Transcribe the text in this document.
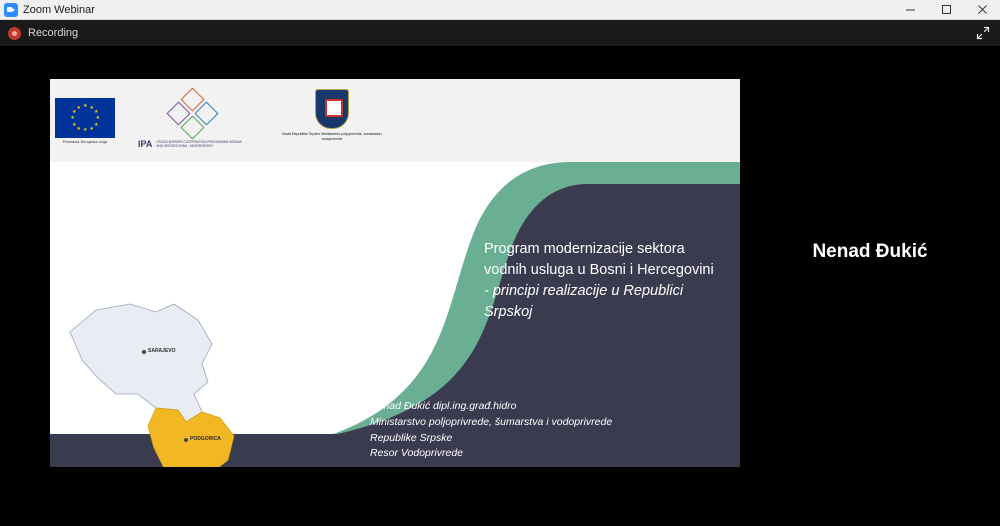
Zoom Webinar
Recording
★ ★
★
★
★
★
★
★
★
★
★
★
Finansira Evropska unija	IPA CROSS-BORDER COOPERATION PROGRAMME BOSNIA AND HERZEGOVINA - MONTENEGRO
Vlada Republike Srpske Ministarstvo poljoprivrede, šumarstva i vodoprivrede
SARAJEVO
PODGORICA
Program modernizacije sektora
vodnih usluga u Bosni i Hercegovini
- principi realizacije u Republici
Srpskoj
Nenad Đukić dipl.ing.građ.hidro
Ministarstvo poljoprivrede, šumarstva i vodoprivrede
Republike Srpske
Resor Vodoprivrede
Nenad Đukić
